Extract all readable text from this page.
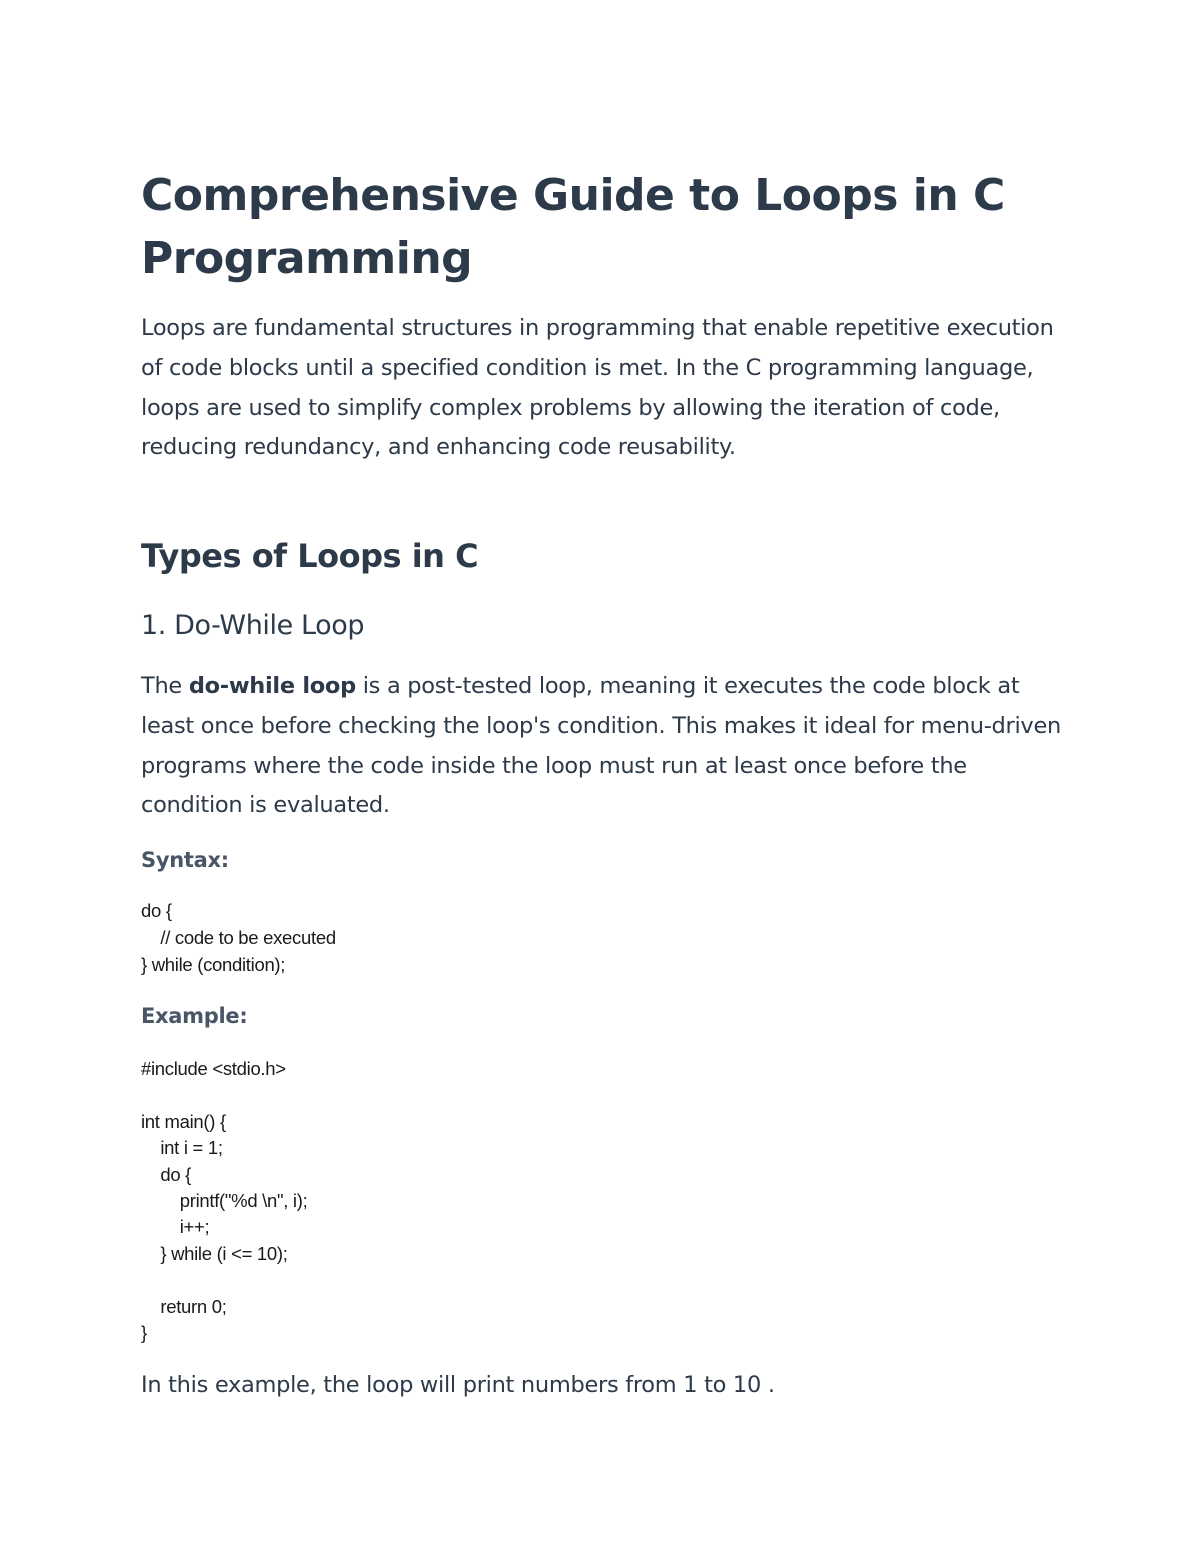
Comprehensive Guide to Loops in C Programming

Loops are fundamental structures in programming that enable repetitive execution of code blocks until a specified condition is met. In the C programming language, loops are used to simplify complex problems by allowing the iteration of code, reducing redundancy, and enhancing code reusability.

Types of Loops in C
1. Do-While Loop

The do-while loop is a post-tested loop, meaning it executes the code block at least once before checking the loop's condition. This makes it ideal for menu-driven programs where the code inside the loop must run at least once before the condition is evaluated.

Syntax:
do {
// code to be executed
} while (condition);
Example:
#include <stdio.h>

int main() {
int i = 1;
do {
printf("%d \n", i);
i++;
} while (i <= 10);

return 0;
}

In this example, the loop will print numbers from 1 to 10 .
